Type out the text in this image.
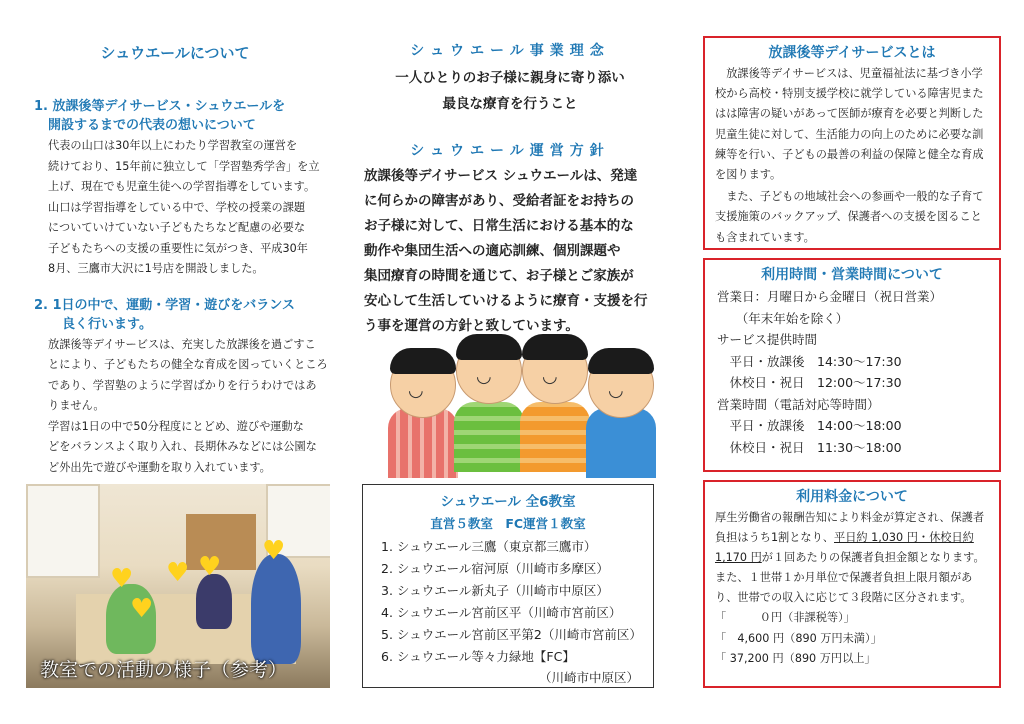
シュウエールについて
1. 放課後等デイサービス・シュウエールを
開設するまでの代表の想いについて
代表の山口は30年以上にわたり学習教室の運営を
続けており、15年前に独立して「学習塾秀学舎」を立
上げ、現在でも児童生徒への学習指導をしています。
山口は学習指導をしている中で、学校の授業の課題
についていけていない子どもたちなど配慮の必要な
子どもたちへの支援の重要性に気がつき、平成30年
8月、三鷹市大沢に1号店を開設しました。
2. 1日の中で、運動・学習・遊びをバランス
良く行います。
放課後等デイサービスは、充実した放課後を過ごすこ
とにより、子どもたちの健全な育成を図っていくところ
であり、学習塾のように学習ばかりを行うわけではあ
りません。
学習は1日の中で50分程度にとどめ、遊びや運動な
どをバランスよく取り入れ、長期休みなどには公園な
ど外出先で遊びや運動を取り入れています。
♥
♥
♥ ♥
♥
教室での活動の様子（参考）
シュウエール事業理念
一人ひとりのお子様に親身に寄り添い
最良な療育を行うこと
シュウエール運営方針
放課後等デイサービス シュウエールは、発達
に何らかの障害があり、受給者証をお持ちの
お子様に対して、日常生活における基本的な
動作や集団生活への適応訓練、個別課題や
集団療育の時間を通じて、お子様とご家族が
安心して生活していけるように療育・支援を行
う事を運営の方針と致しています。
◡
◡	◡
◡
シュウエール 全6教室
直営５教室　FC運営１教室
1. シュウエール三鷹（東京都三鷹市）
2. シュウエール宿河原（川崎市多摩区）
3. シュウエール新丸子（川崎市中原区）
4. シュウエール宮前区平（川崎市宮前区）
5. シュウエール宮前区平第2（川崎市宮前区）
6. シュウエール等々力緑地【FC】
（川崎市中原区）
放課後等デイサービスとは

放課後等デイサービスは、児童福祉法に基づき小学校から高校・特別支援学校に就学している障害児またはは障害の疑いがあって医師が療育を必要と判断した児童生徒に対して、生活能力の向上のために必要な訓練等を行い、子どもの最善の利益の保障と健全な育成を図ります。

また、子どもの地域社会への参画や一般的な子育て支援施策のバックアップ、保護者への支援を図ることも含まれています。

利用時間・営業時間について
営業日：月曜日から金曜日（祝日営業）
　　（年末年始を除く）
サービス提供時間
　平日・放課後　14:30～17:30
　休校日・祝日　12:00～17:30
営業時間（電話対応等時間）
　平日・放課後　14:00～18:00
　休校日・祝日　11:30～18:00
利用料金について

厚生労働省の報酬告知により料金が算定され、保護者負担はうち1割となり、平日約 1,030 円・休校日約 1,170 円が１回あたりの保護者負担金額となります。また、１世帯１か月単位で保護者負担上限月額があり、世帯での収入に応じて３段階に区分されます。

「　　　０円（非課税等）」
「　4,600 円（890 万円未満）」
「 37,200 円（890 万円以上」
